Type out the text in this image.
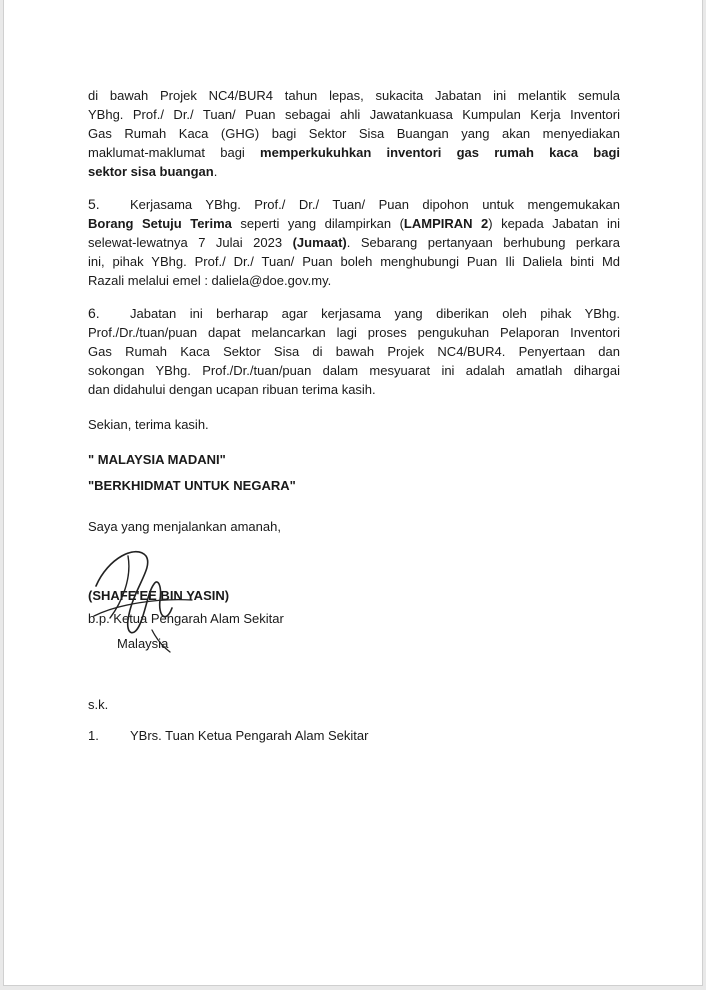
di bawah Projek NC4/BUR4 tahun lepas, sukacita Jabatan ini melantik semula

YBhg. Prof./ Dr./ Tuan/ Puan sebagai ahli Jawatankuasa Kumpulan Kerja Inventori

Gas Rumah Kaca (GHG) bagi Sektor Sisa Buangan yang akan menyediakan

maklumat-maklumat bagi memperkukuhkan inventori gas rumah kaca bagi

sektor sisa buangan.

5. Kerjasama YBhg. Prof./ Dr./ Tuan/ Puan dipohon untuk mengemukakan

Borang Setuju Terima seperti yang dilampirkan (LAMPIRAN 2) kepada Jabatan ini

selewat-lewatnya 7 Julai 2023 (Jumaat). Sebarang pertanyaan berhubung perkara

ini, pihak YBhg. Prof./ Dr./ Tuan/ Puan boleh menghubungi Puan Ili Daliela binti Md

Razali melalui emel : daliela@doe.gov.my.

6. Jabatan ini berharap agar kerjasama yang diberikan oleh pihak YBhg.

Prof./Dr./tuan/puan dapat melancarkan lagi proses pengukuhan Pelaporan Inventori

Gas Rumah Kaca Sektor Sisa di bawah Projek NC4/BUR4. Penyertaan dan

sokongan YBhg. Prof./Dr./tuan/puan dalam mesyuarat ini adalah amatlah dihargai

dan didahului dengan ucapan ribuan terima kasih.

Sekian, terima kasih.

" MALAYSIA MADANI"

"BERKHIDMAT UNTUK NEGARA"

Saya yang menjalankan amanah,

(SHAFE'EE BIN YASIN)

b.p. Ketua Pengarah Alam Sekitar

Malaysia

s.k.

1. YBrs. Tuan Ketua Pengarah Alam Sekitar
